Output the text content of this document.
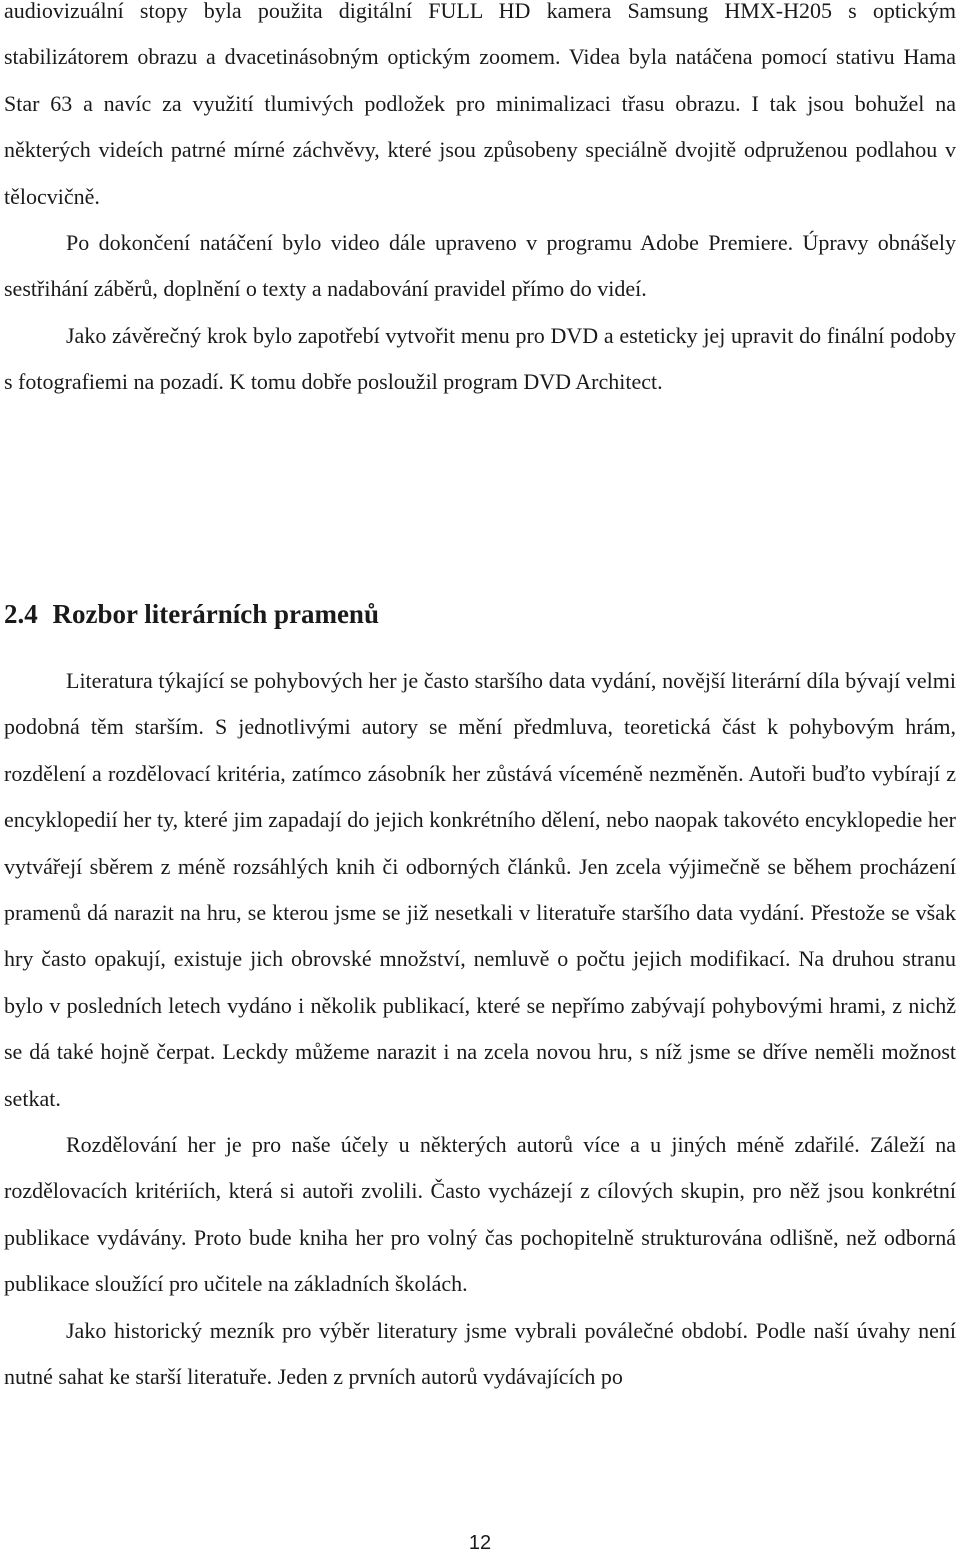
audiovizuální stopy byla použita digitální FULL HD kamera Samsung HMX-H205 s optickým stabilizátorem obrazu a dvacetinásobným optickým zoomem. Videa byla natáčena pomocí stativu Hama Star 63 a navíc za využití tlumivých podložek pro minimalizaci třasu obrazu. I tak jsou bohužel na některých videích patrné mírné záchvěvy, které jsou způsobeny speciálně dvojitě odpruženou podlahou v tělocvičně.

Po dokončení natáčení bylo video dále upraveno v programu Adobe Premiere. Úpravy obnášely sestřihání záběrů, doplnění o texty a nadabování pravidel přímo do videí.

Jako závěrečný krok bylo zapotřebí vytvořit menu pro DVD a esteticky jej upravit do finální podoby s fotografiemi na pozadí. K tomu dobře posloužil program DVD Architect.

2.4 Rozbor literárních pramenů

Literatura týkající se pohybových her je často staršího data vydání, novější literární díla bývají velmi podobná těm starším. S jednotlivými autory se mění předmluva, teoretická část k pohybovým hrám, rozdělení a rozdělovací kritéria, zatímco zásobník her zůstává víceméně nezměněn. Autoři buďto vybírají z encyklopedií her ty, které jim zapadají do jejich konkrétního dělení, nebo naopak takovéto encyklopedie her vytvářejí sběrem z méně rozsáhlých knih či odborných článků. Jen zcela výjimečně se během procházení pramenů dá narazit na hru, se kterou jsme se již nesetkali v literatuře staršího data vydání. Přestože se však hry často opakují, existuje jich obrovské množství, nemluvě o počtu jejich modifikací. Na druhou stranu bylo v posledních letech vydáno i několik publikací, které se nepřímo zabývají pohybovými hrami, z nichž se dá také hojně čerpat. Leckdy můžeme narazit i na zcela novou hru, s níž jsme se dříve neměli možnost setkat.

Rozdělování her je pro naše účely u některých autorů více a u jiných méně zdařilé. Záleží na rozdělovacích kritériích, která si autoři zvolili. Často vycházejí z cílových skupin, pro něž jsou konkrétní publikace vydávány. Proto bude kniha her pro volný čas pochopitelně strukturována odlišně, než odborná publikace sloužící pro učitele na základních školách.

Jako historický mezník pro výběr literatury jsme vybrali poválečné období. Podle naší úvahy není nutné sahat ke starší literatuře. Jeden z prvních autorů vydávajících po

12
